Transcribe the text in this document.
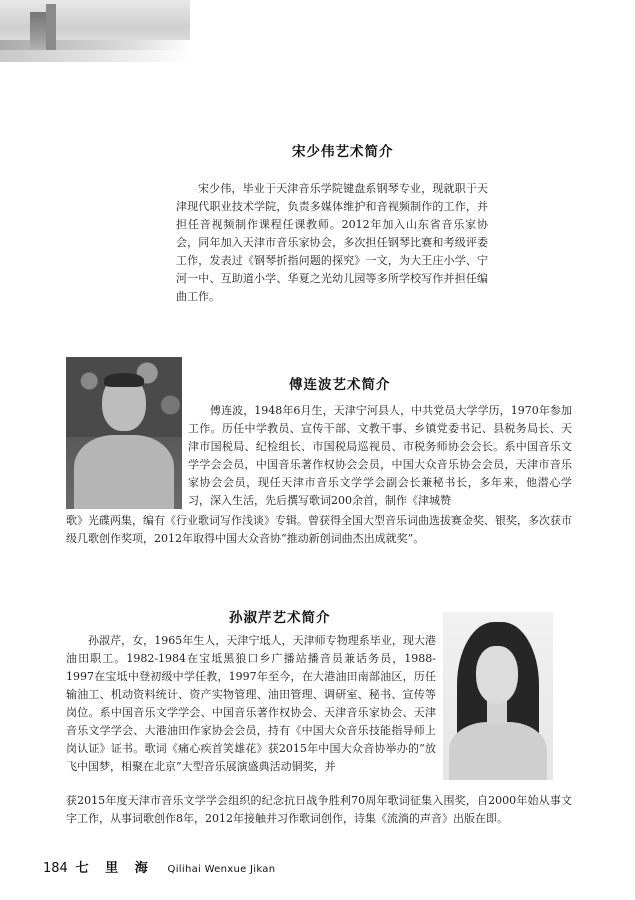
宋少伟艺术简介

宋少伟，毕业于天津音乐学院键盘系钢琴专业，现就职于天津现代职业技术学院，负责多媒体维护和音视频制作的工作，并担任音视频制作课程任课教师。2012年加入山东省音乐家协会，同年加入天津市音乐家协会，多次担任钢琴比赛和考级评委工作，发表过《钢琴折指问题的探究》一文，为大王庄小学、宁河一中、互助道小学、华夏之光幼儿园等多所学校写作并担任编曲工作。

傅连波艺术简介

傅连波，1948年6月生，天津宁河县人，中共党员大学学历，1970年参加工作。历任中学教员、宣传干部、文教干事、乡镇党委书记、县税务局长、天津市国税局、纪检组长、市国税局巡视员、市税务师协会会长。系中国音乐文学学会会员，中国音乐著作权协会会员，中国大众音乐协会会员，天津市音乐家协会会员，现任天津市音乐文学学会副会长兼秘书长，多年来，他潜心学习，深入生活，先后撰写歌词200余首，制作《津城赞

歌》光碟两集，编有《行业歌词写作浅谈》专辑。曾获得全国大型音乐词曲选拔赛金奖、银奖，多次获市级几歌创作奖项，2012年取得中国大众音协“推动新创词曲杰出成就奖”。

孙淑芹艺术简介

孙淑芹，女，1965年生人，天津宁坻人，天津师专物理系毕业，现大港油田职工。1982-1984在宝坻黑狼口乡广播站播音员兼话务员，1988-1997在宝坻中登初级中学任教，1997年至今，在大港油田南部油区，历任输油工、机动资料统计、资产实物管理、油田管理、调研室、秘书、宣传等岗位。系中国音乐文学学会、中国音乐著作权协会、天津音乐家协会、天津音乐文学学会、大港油田作家协会会员，持有《中国大众音乐技能指导师上岗认证》证书。歌词《痛心疾首笑雄花》获2015年中国大众音协举办的“放飞中国梦，相聚在北京”大型音乐展演盛典活动铜奖，并

获2015年度天津市音乐文学学会组织的纪念抗日战争胜利70周年歌词征集入围奖，自2000年始从事文字工作，从事词歌创作8年，2012年接触并习作歌词创作，诗集《流淌的声音》出版在即。

184 七 里 海 Qilihai Wenxue Jikan
